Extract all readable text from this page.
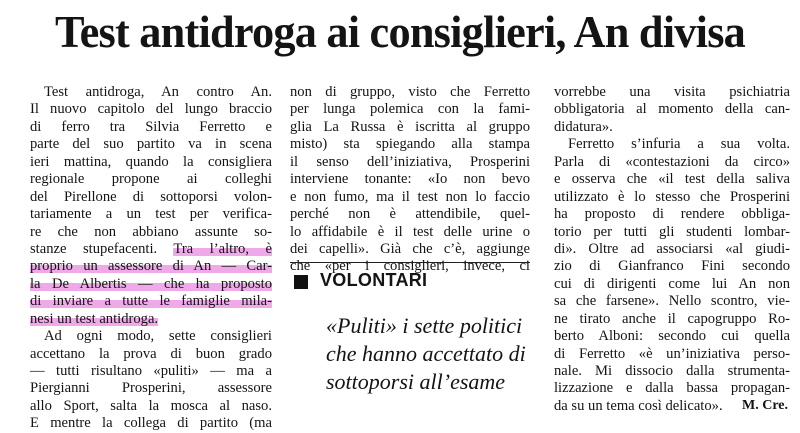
Test antidroga ai consiglieri, An divisa
Test antidroga, An contro An.
Il nuovo capitolo del lungo braccio
di ferro tra Silvia Ferretto e
parte del suo partito va in scena
ieri mattina, quando la consigliera
regionale propone ai colleghi
del Pirellone di sottoporsi volon-
tariamente a un test per verifica-
re che non abbiano assunte so-
stanze stupefacenti. Tra l’altro, è
proprio un assessore di An — Car-
la De Albertis — che ha proposto
di inviare a tutte le famiglie mila-
nesi un test antidroga.
Ad ogni modo, sette consiglieri
accettano la prova di buon grado
— tutti risultano «puliti» — ma a
Piergianni Prosperini, assessore
allo Sport, salta la mosca al naso.
E mentre la collega di partito (ma
non di gruppo, visto che Ferretto
per lunga polemica con la fami-
glia La Russa è iscritta al gruppo
misto) sta spiegando alla stampa
il senso dell’iniziativa, Prosperini
interviene tonante: «Io non bevo
e non fumo, ma il test non lo faccio
perché non è attendibile, quel-
lo affidabile è il test delle urine o
dei capelli». Già che c’è, aggiunge
che «per i consiglieri, invece, ci
VOLONTARI
«Puliti» i sette politici che hanno accettato di sottoporsi all’esame
vorrebbe una visita psichiatria
obbligatoria al momento della can-
didatura».
Ferretto s’infuria a sua volta.
Parla di «contestazioni da circo»
e osserva che «il test della saliva
utilizzato è lo stesso che Prosperini
ha proposto di rendere obbliga-
torio per tutti gli studenti lombar-
di». Oltre ad associarsi «al giudi-
zio di Gianfranco Fini secondo
cui di dirigenti come lui An non
sa che farsene». Nello scontro, vie-
ne tirato anche il capogruppo Ro-
berto Alboni: secondo cui quella
di Ferretto «è un’iniziativa perso-
nale. Mi dissocio dalla strumenta-
lizzazione e dalla bassa propagan-
da su un tema così delicato».	M. Cre.
